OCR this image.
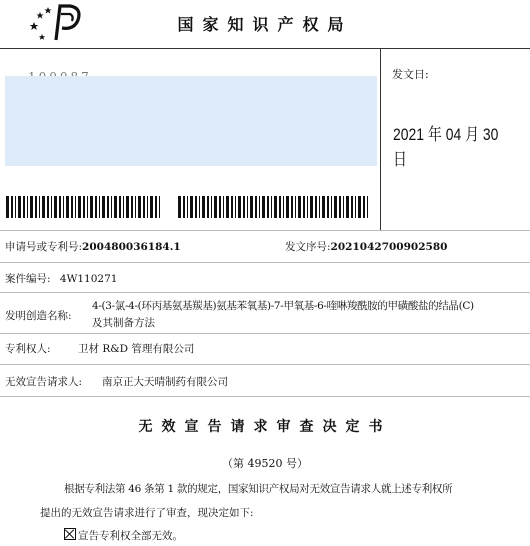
国家知识产权局
发文日:
2021 年 04 月 30 日
申请号或专利号:200480036184.1	发文序号:2021042700902580
案件编号: 4W110271
发明创造名称:
4-(3-氯-4-(环丙基氨基羰基)氨基苯氧基)-7-甲氧基-6-喹啉羧酰胺的甲磺酸盐的结晶(C)
及其制备方法
专利权人:	卫材 R&D 管理有限公司
无效宣告请求人: 南京正大天晴制药有限公司
无效宣告请求审查决定书
（第 49520 号）
根据专利法第 46 条第 1 款的规定，国家知识产权局对无效宣告请求人就上述专利权所
提出的无效宣告请求进行了审查，现决定如下:
宣告专利权全部无效。
